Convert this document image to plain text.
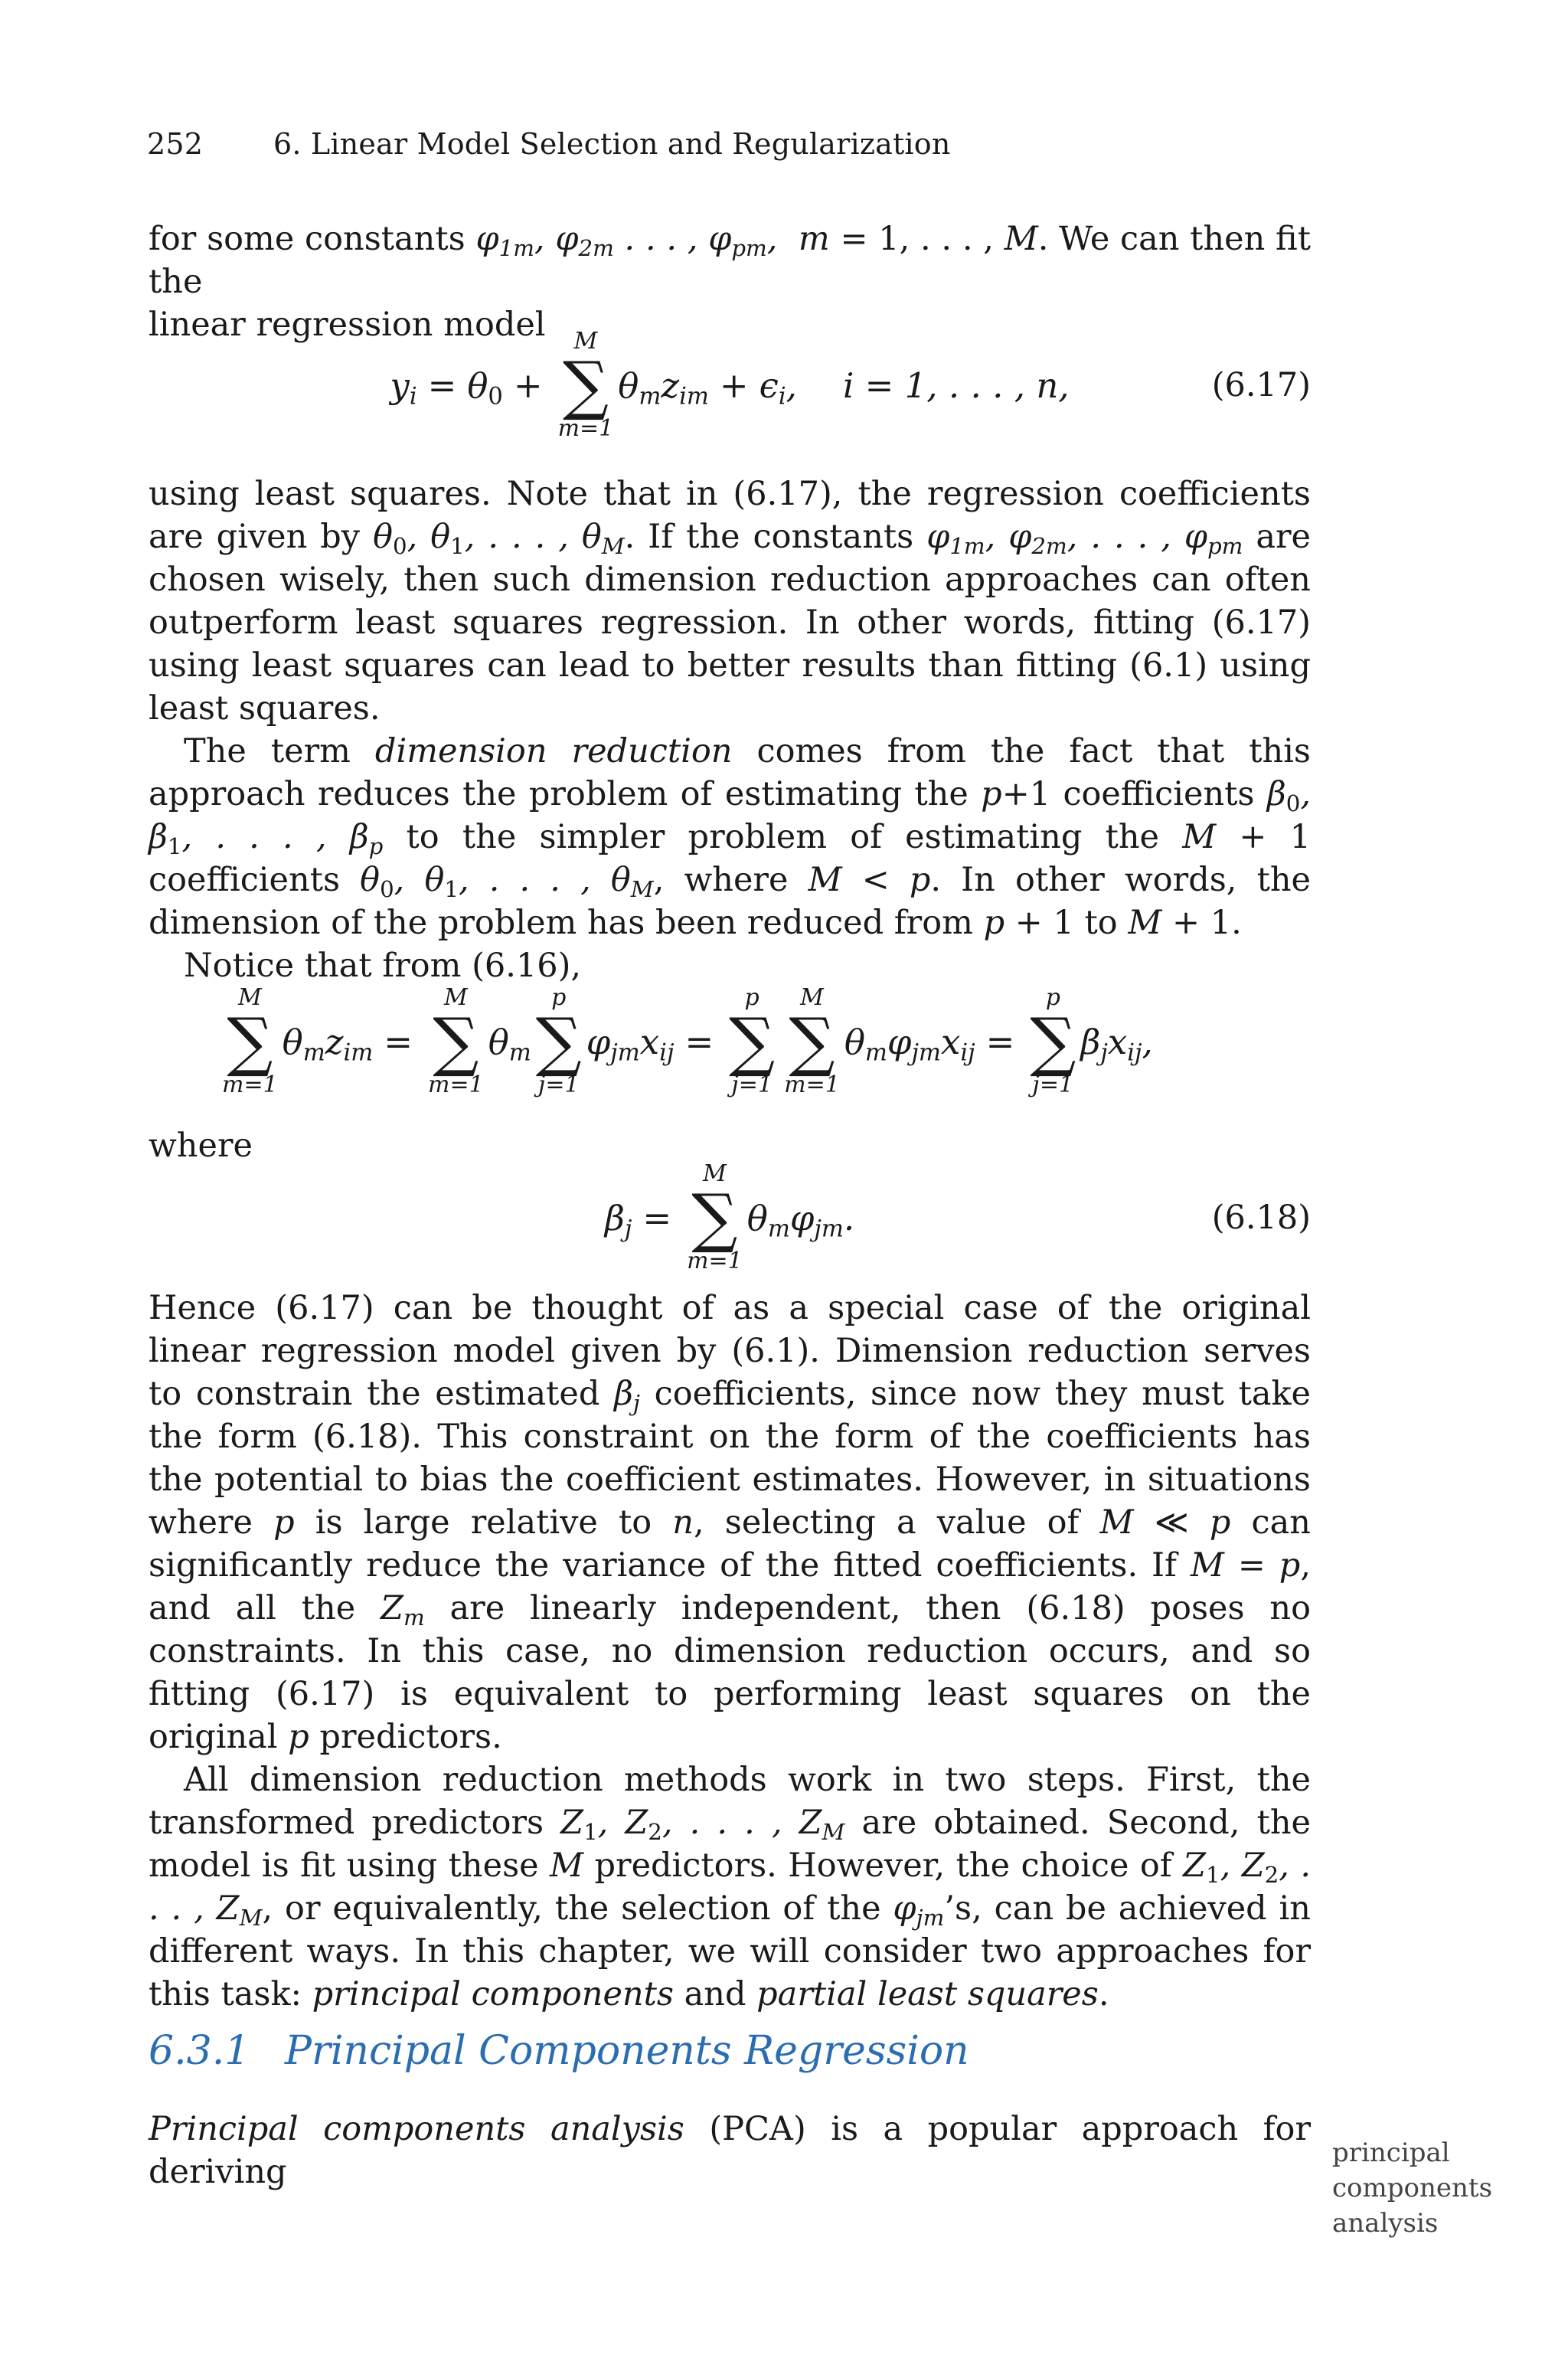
252 6. Linear Model Selection and Regularization

for some constants $\varphi_{1m}$, $\varphi_{2m}$ . . . , $\varphi_{pm}$,  m = 1, . . . , M. We can then fit the
linear regression model

$y_i = \theta_0$ +
M
∑
m=1
$\theta_mz_{im} + \epsilon_i$, i = 1, . . . , n,	(6.17)

using least squares. Note that in (6.17), the regression coefficients are given by $\theta_0$, $\theta_1$, . . . , $\theta_M$. If the constants $\varphi_{1m}$, $\varphi_{2m}$, . . . , $\varphi_{pm}$ are chosen wisely, then such dimension reduction approaches can often outperform least squares regression. In other words, fitting (6.17) using least squares can lead to better results than fitting (6.1) using least squares.

The term dimension reduction comes from the fact that this approach reduces the problem of estimating the p+1 coefficients $\beta_0$, $\beta_1$, . . . , $\beta_p$ to the simpler problem of estimating the M + 1 coefficients $\theta_0$, $\theta_1$, . . . , $\theta_M$, where M < p. In other words, the dimension of the problem has been reduced from p + 1 to M + 1.

Notice that from (6.16),

M
∑
m=1
$\theta_mz_{im}$ =
M
∑
m=1
$\theta_m$
p
∑
j=1
$\varphi_{jm}x_{ij}$ =
p
∑
j=1
M
∑
m=1
$\theta_m\varphi_{jm}x_{ij}$ =
p
∑
j=1
$\beta_jx_{ij}$,

where

$\beta_j$ =
M
∑
m=1
$\theta_m\varphi_{jm}$.	(6.18)

Hence (6.17) can be thought of as a special case of the original linear regression model given by (6.1). Dimension reduction serves to constrain the estimated $\beta_j$ coefficients, since now they must take the form (6.18). This constraint on the form of the coefficients has the potential to bias the coefficient estimates. However, in situations where p is large relative to n, selecting a value of M ≪ p can significantly reduce the variance of the fitted coefficients. If M = p, and all the $Z_m$ are linearly independent, then (6.18) poses no constraints. In this case, no dimension reduction occurs, and so fitting (6.17) is equivalent to performing least squares on the original p predictors.

All dimension reduction methods work in two steps. First, the transformed predictors $Z_1$, $Z_2$, . . . , $Z_M$ are obtained. Second, the model is fit using these M predictors. However, the choice of $Z_1$, $Z_2$, . . . , $Z_M$, or equivalently, the selection of the $\varphi_{jm}’s$, can be achieved in different ways. In this chapter, we will consider two approaches for this task: principal components and partial least squares.

6.3.1 Principal Components Regression

Principal components analysis (PCA) is a popular approach for deriving	principal
components
analysis
